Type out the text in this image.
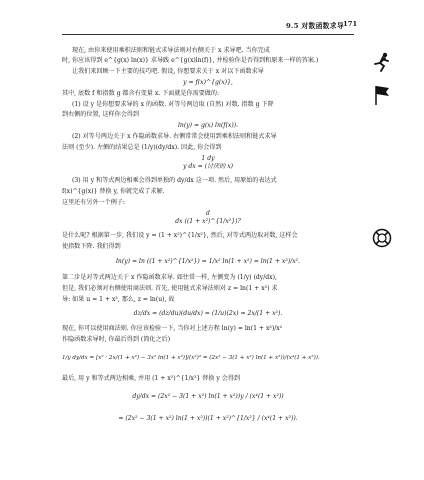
9.5 对数函数求导 171
现在, 由你来使用乘积法则和链式求导法则对右侧关于 x 求导吧. 当你完成
时, 你应该得到 e^{g(x) ln(x)} 求导践 e^{g(x)ln(f)}, 并检验你是否得到和原来一样的答案.)
让我们来回顾一下主要的技巧吧. 假设, 你想要求关于 x 对以下函数求导
y = f(x)^{g(x)},
其中, 底数 f 和指数 g 都含有变量 x. 下面就是你需要做的:
(1) 设 y 是你想要求导的 x 的函数. 对等号两边取 (自然) 对数. 指数 g 下降
到右侧的位置, 这样你会得到
ln(y) = g(x) ln(f(x)).
(2) 对等号两边关于 x 作隐函数求导. 右侧常常会使用到乘积法则和链式求导
法则 (至少). 左侧的结果总是 (1/y)(dy/dx). 因此, 你会得到
1 dy
y dx = (讨厌的 x)
(3) 用 y 和等式两边相乘会得到单独的 dy/dx 这一项. 然后, 用原始的表达式
f(x)^{g(x)} 替换 y, 你就完成了求解.
这里还有另外一个例子:
d
dx ((1 + x²)^{1/x²})?
是什么呢? 根据第一步, 我们设 y = (1 + x²)^{1/x²}, 然后, 对等式两边取对数, 这样会
使指数下降. 我们得到
ln(y) = ln ((1 + x²)^{1/x²}) = 1/x² ln(1 + x²) = ln(1 + x²)/x².
第二步是对等式两边关于 x 作隐函数求导. 如往常一样, 左侧变为 (1/y) (dy/dx),
但是, 我们必须对右侧使用商法则. 首先, 使用链式求导法则对 z = ln(1 + x²) 求
导: 如果 u = 1 + x², 那么, z = ln(u), 故
dz/dx = (dz/du)(du/dx) = (1/u)(2x) = 2x/(1 + x²).
现在, 你可以使用商法则. 你应该检验一下, 当你对上述方程 ln(y) = ln(1 + x²)/x²
作隐函数求导时, 你最后得到 (简化之后)
1/y dy/dx = [x² · 2x/(1 + x²) − 3x² ln(1 + x²)]/(x²)² = (2x² − 3(1 + x²) ln(1 + x²))/(x⁴(1 + x²)).
最后, 用 y 和等式两边相乘, 并用 (1 + x²)^{1/x²} 替换 y 会得到
dy/dx = (2x² − 3(1 + x²) ln(1 + x²))y / (x⁴(1 + x²))
= (2x² − 3(1 + x²) ln(1 + x²))(1 + x²)^{1/x²} / (x⁴(1 + x²)).
